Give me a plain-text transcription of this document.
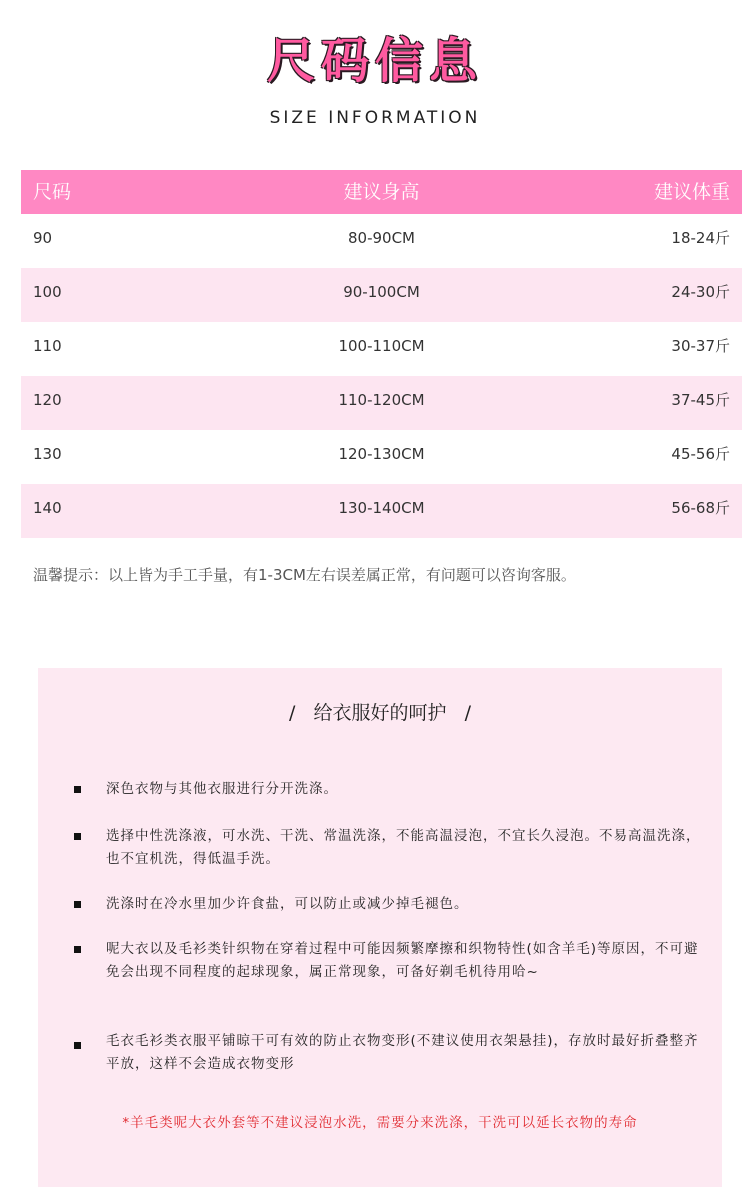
尺码信息
SIZE INFORMATION
尺码	建议身高	建议体重
90	80-90CM	18-24斤
100	90-100CM	24-30斤
110	100-110CM	30-37斤
120	110-120CM	37-45斤
130	120-130CM	45-56斤
140	130-140CM	56-68斤
温馨提示：以上皆为手工手量，有1-3CM左右误差属正常，有问题可以咨询客服。
/   给衣服好的呵护   /
深色衣物与其他衣服进行分开洗涤。
选择中性洗涤液，可水洗、干洗、常温洗涤，不能高温浸泡，不宜长久浸泡。不易高温洗涤，也不宜机洗，得低温手洗。
洗涤时在冷水里加少许食盐，可以防止或减少掉毛褪色。
呢大衣以及毛衫类针织物在穿着过程中可能因频繁摩擦和织物特性(如含羊毛)等原因，不可避免会出现不同程度的起球现象，属正常现象，可备好剃毛机待用哈~
毛衣毛衫类衣服平铺晾干可有效的防止衣物变形(不建议使用衣架悬挂)，存放时最好折叠整齐平放，这样不会造成衣物变形
*羊毛类呢大衣外套等不建议浸泡水洗，需要分来洗涤，干洗可以延长衣物的寿命
